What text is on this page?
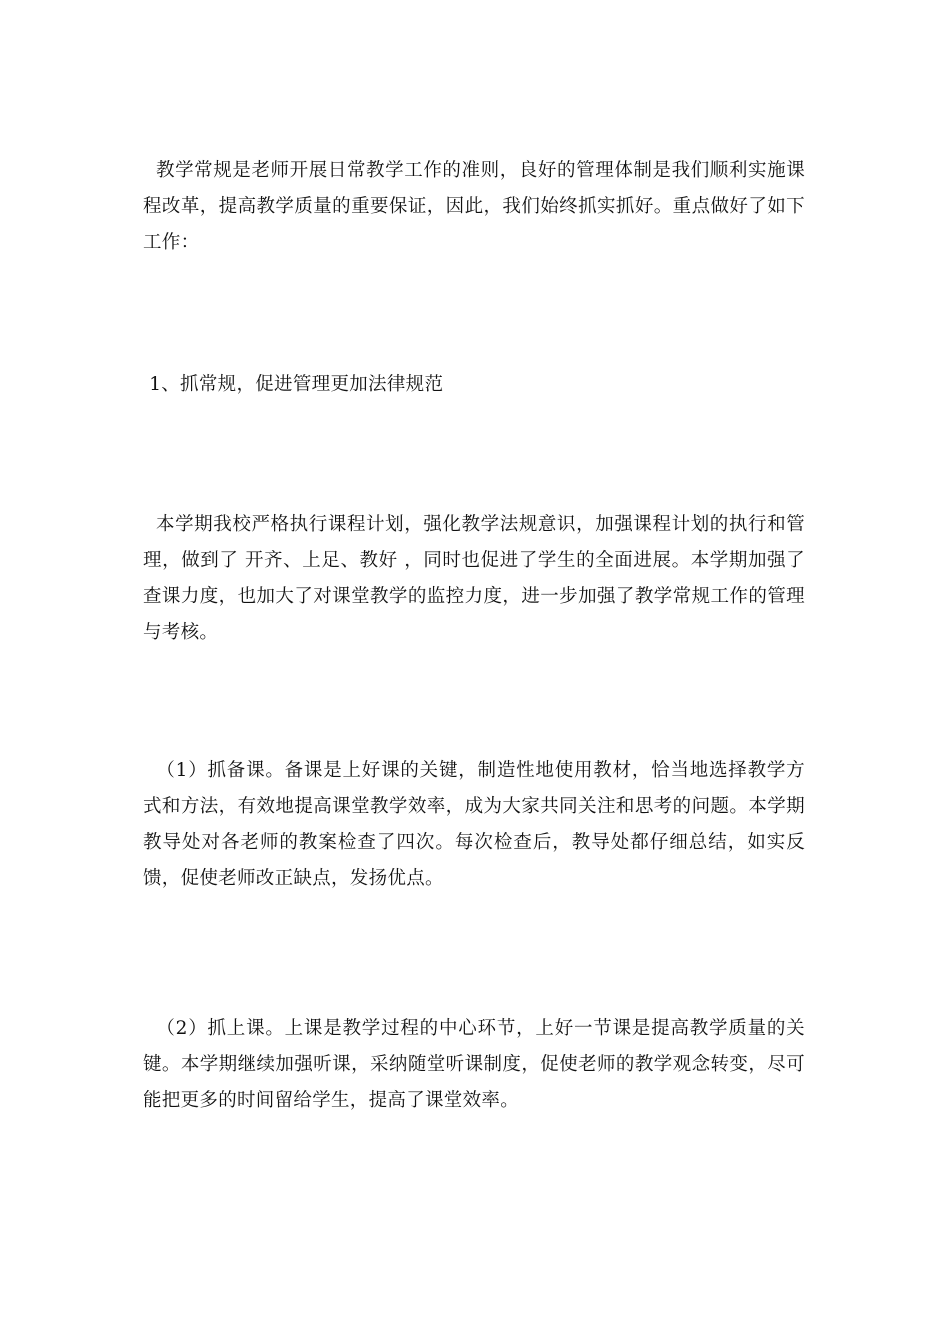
教学常规是老师开展日常教学工作的准则，良好的管理体制是我们顺利实施课程改革，提高教学质量的重要保证，因此，我们始终抓实抓好。重点做好了如下工作：

1、抓常规，促进管理更加法律规范

本学期我校严格执行课程计划，强化教学法规意识，加强课程计划的执行和管理，做到了 开齐、上足、教好 ，同时也促进了学生的全面进展。本学期加强了查课力度，也加大了对课堂教学的监控力度，进一步加强了教学常规工作的管理与考核。

（1）抓备课。备课是上好课的关键，制造性地使用教材，恰当地选择教学方式和方法，有效地提高课堂教学效率，成为大家共同关注和思考的问题。本学期教导处对各老师的教案检查了四次。每次检查后，教导处都仔细总结，如实反馈，促使老师改正缺点，发扬优点。

（2）抓上课。上课是教学过程的中心环节，上好一节课是提高教学质量的关键。本学期继续加强听课，采纳随堂听课制度，促使老师的教学观念转变，尽可能把更多的时间留给学生，提高了课堂效率。
